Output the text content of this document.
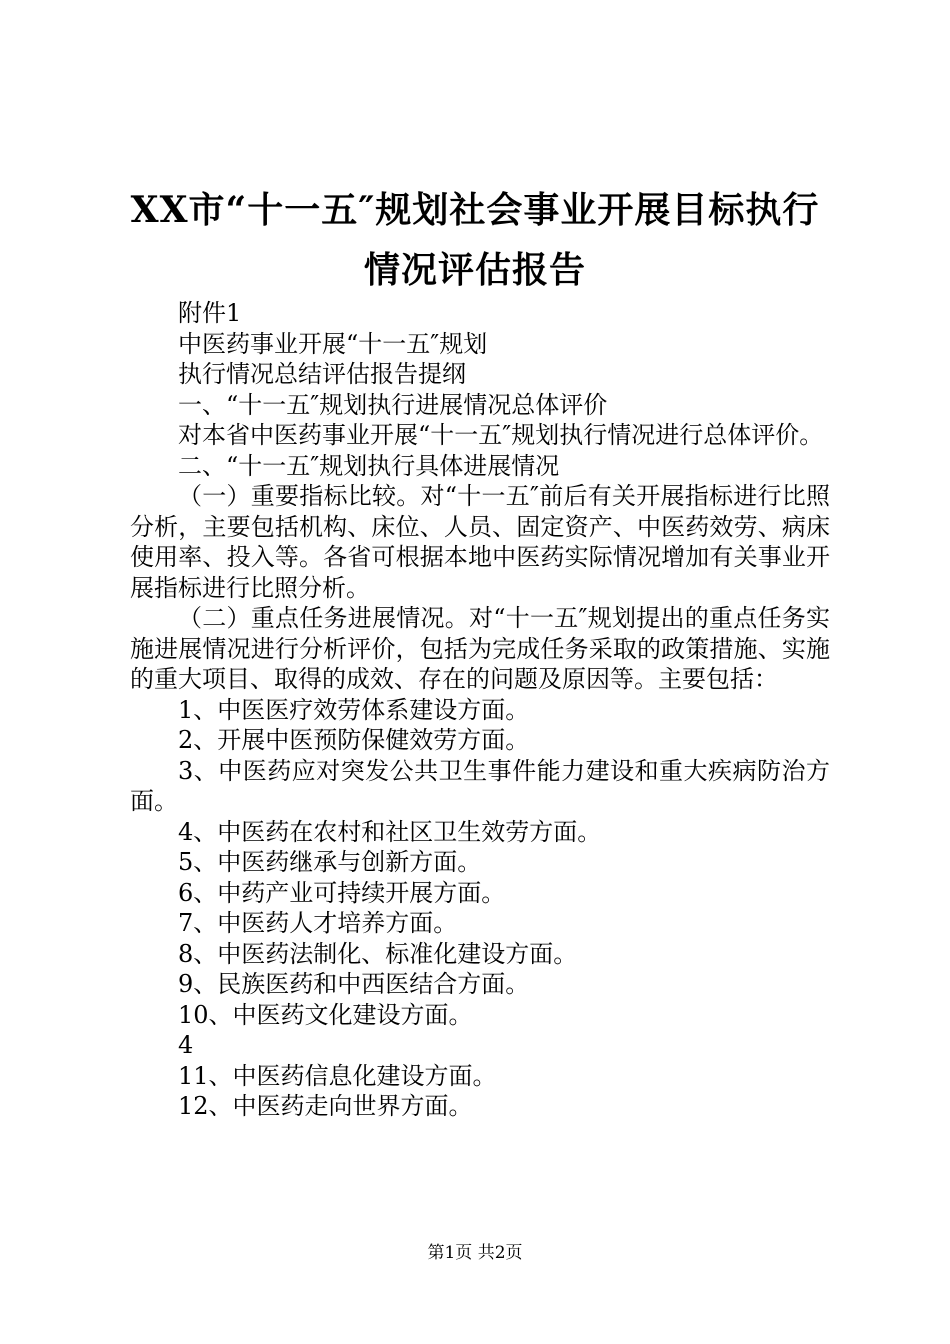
XX市“十一五″规划社会事业开展目标执行
情况评估报告

附件1

中医药事业开展“十一五″规划

执行情况总结评估报告提纲

一、“十一五″规划执行进展情况总体评价

对本省中医药事业开展“十一五″规划执行情况进行总体评价。

二、“十一五″规划执行具体进展情况

（一）重要指标比较。对“十一五″前后有关开展指标进行比照分析，主要包括机构、床位、人员、固定资产、中医药效劳、病床使用率、投入等。各省可根据本地中医药实际情况增加有关事业开展指标进行比照分析。

（二）重点任务进展情况。对“十一五″规划提出的重点任务实施进展情况进行分析评价，包括为完成任务采取的政策措施、实施的重大项目、取得的成效、存在的问题及原因等。主要包括：

1、中医医疗效劳体系建设方面。

2、开展中医预防保健效劳方面。

3、中医药应对突发公共卫生事件能力建设和重大疾病防治方面。

4、中医药在农村和社区卫生效劳方面。

5、中医药继承与创新方面。

6、中药产业可持续开展方面。

7、中医药人才培养方面。

8、中医药法制化、标准化建设方面。

9、民族医药和中西医结合方面。

10、中医药文化建设方面。

4

11、中医药信息化建设方面。

12、中医药走向世界方面。

第1页 共2页
